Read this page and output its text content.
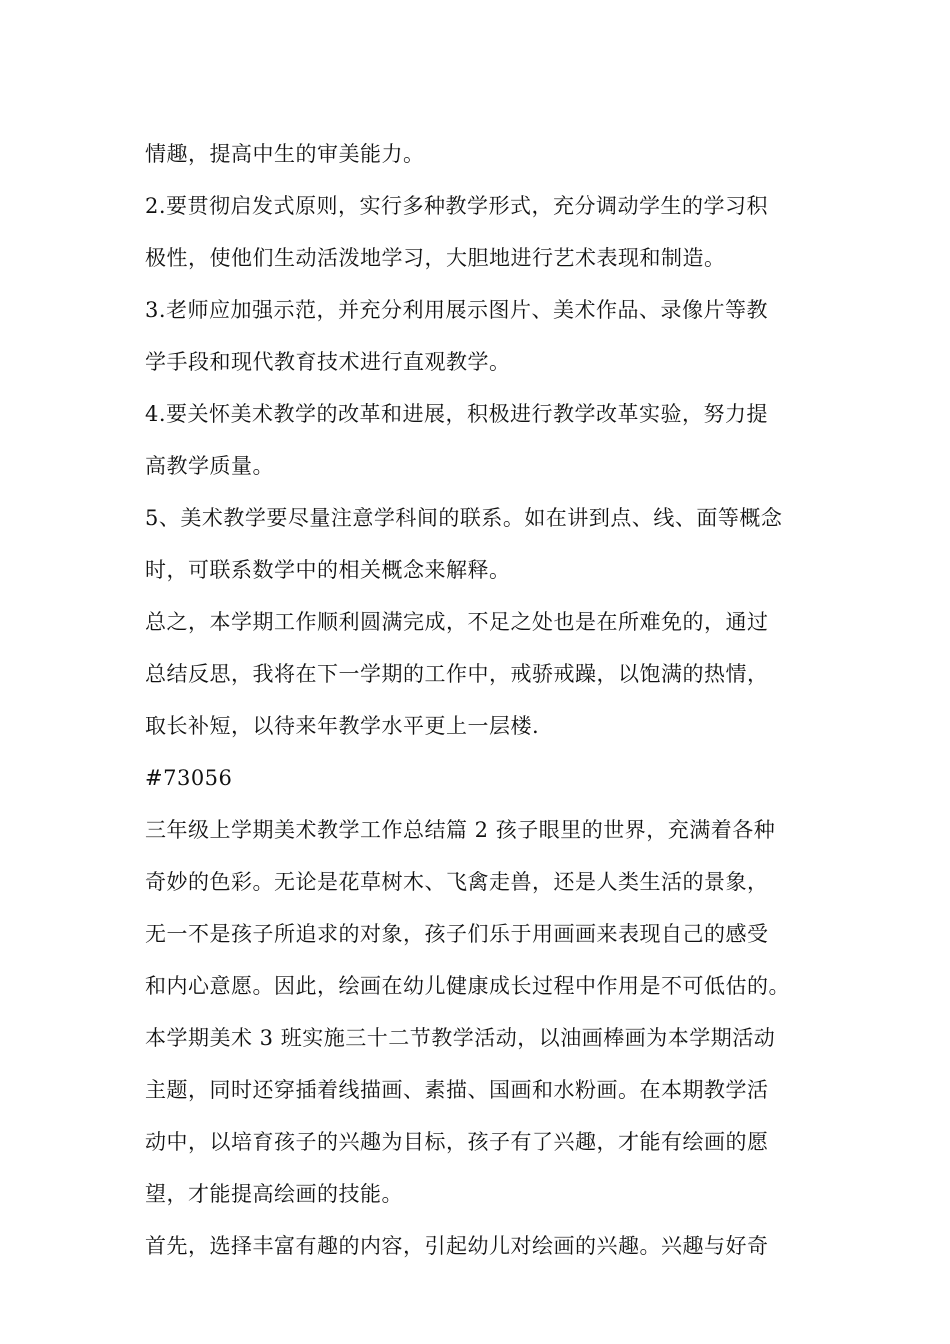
情趣，提高中生的审美能力。
2.要贯彻启发式原则，实行多种教学形式，充分调动学生的学习积
极性，使他们生动活泼地学习，大胆地进行艺术表现和制造。
3.老师应加强示范，并充分利用展示图片、美术作品、录像片等教
学手段和现代教育技术进行直观教学。
4.要关怀美术教学的改革和进展，积极进行教学改革实验，努力提
高教学质量。
5、美术教学要尽量注意学科间的联系。如在讲到点、线、面等概念
时，可联系数学中的相关概念来解释。
总之，本学期工作顺利圆满完成，不足之处也是在所难免的，通过
总结反思，我将在下一学期的工作中，戒骄戒躁，以饱满的热情，
取长补短，以待来年教学水平更上一层楼.
#73056
三年级上学期美术教学工作总结篇 2 孩子眼里的世界，充满着各种
奇妙的色彩。无论是花草树木、飞禽走兽，还是人类生活的景象，
无一不是孩子所追求的对象，孩子们乐于用画画来表现自己的感受
和内心意愿。因此，绘画在幼儿健康成长过程中作用是不可低估的。
本学期美术 3 班实施三十二节教学活动，以油画棒画为本学期活动
主题，同时还穿插着线描画、素描、国画和水粉画。在本期教学活
动中，以培育孩子的兴趣为目标，孩子有了兴趣，才能有绘画的愿
望，才能提高绘画的技能。
首先，选择丰富有趣的内容，引起幼儿对绘画的兴趣。兴趣与好奇
